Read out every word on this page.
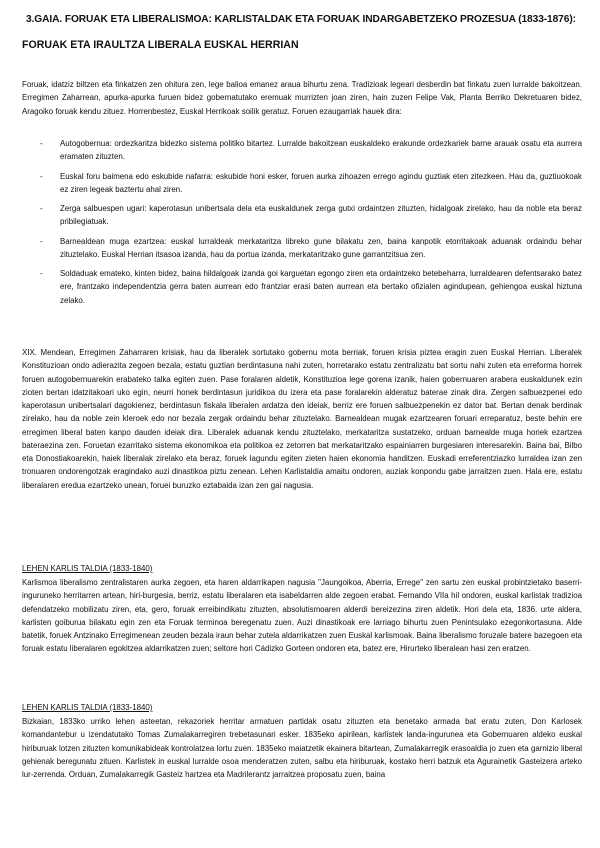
3.GAIA. FORUAK ETA LIBERALISMOA: KARLISTALDAK ETA FORUAK INDARGABETZEKO PROZESUA (1833-1876):
FORUAK ETA IRAULTZA LIBERALA EUSKAL HERRIAN
Foruak, idatziz biltzen eta finkatzen zen ohitura zen, lege balioa emanez araua bihurtu zena. Tradizioak legeari desberdin bat finkatu zuen lurralde bakoitzean. Erregimen Zaharrean, apurka-apurka furuen bidez gobernatutako eremuak murrizten joan ziren, hain zuzen Felipe Vak, Planta Berriko Dekretuaren bidez, Aragoiko foruak kendu zituez. Horrenbestez, Euskal Herrikoak soilik geratuz. Foruen ezaugarriak hauek dira:
- Autogobernua: ordezkaritza bidezko sistema politiko bitartez. Lurralde bakoitzean euskaldeko erakunde ordezkariek barne arauak osatu eta aurrera eramaten zituzten.
- Euskal foru baimena edo eskubide nafarra: eskubide honi esker, foruen aurka zihoazen errego agindu guztiak eten zitezkeen. Hau da, guztiuokoak ez ziren legeak baztertu ahal ziren.
- Zerga salbuespen ugari: kaperotasun unibertsala dela eta euskaldunek zerga gutxi ordaintzen zituzten, hidalgoak zirelako, hau da noble eta beraz pribilegiatuak.
- Barnealdean muga ezartzea: euskal lurraldeak merkataritza libreko gune bilakatu zen, baina kanpotik etorritakoak aduanak ordaindu behar zituztelako. Euskal Herrian itsasoa izanda, hau da portua izanda, merkataritzako gune garrantzitsua zen.
- Soldaduak ematekо, kinten bidez, baina hildalgoak izanda goi karguetan egongo ziren eta ordaintzeko betebeharra, lurraldearen defentsarako batez ere, frantzako independentzia gerra baten aurrean edo frantziar erasi baten aurrean eta bertako ofizialen agindupean, gehiengoa euskal hiztuna zelako.
XIX. Mendean, Erregimen Zaharraren krisiak, hau da liberalek sortutako gobernu mota berriak, foruen krisia piztea eragin zuen Euskal Herrian. Liberalek Konstituzioan ondo adierazita zegoen bezala, estatu guztian berdintasuna nahi zuten, horretarako estatu zentralizatu bat sortu nahi zuten eta erreforma horrek foruen autogobernuarekin erabateko talka egiten zuen. Pase foralaren aldetik, Konstituzioa lege gorena izanik, haien gobernuaren arabera euskaldunek ezin zioten bertan idatzitakoari uko egin, neurri honek berdintasun juridikoa du izera eta pase foralarekin alderatuz baterae zinak dira. Zergen salbuezpenei edo kaperotasun unibertsalari dagokienez, berdintasun fiskala liberalen ardatza den ideiak, berriz ere foruen salbuezpenekin ez dator bat. Bertan denak berdinak zirelako, hau da noble zein kleroek edo nor bezala zergak ordaindu behar zituztelako. Barnealdean mugak ezartzearen foruari erreparatuz, beste behin ere erregimen liberal baten kanpo dauden ideiak dira. Liberalek aduanak kendu zituztelako, merkataritza sustatzeko, orduan barnealde muga horiek ezartzea bateraezina zen. Foruetan ezarritako sistema ekonomikoa eta politikoa ez zetorren bat merkataritzako espainiarren burgesiaren interesarekin. Baina bai, Bilbo eta Donostiakoarekin, haiek liberalak zirelako eta beraz, foruek lagundu egiten zieten haien ekonomia handitzen. Euskadi erreferentziazko lurraldea izan zen tronuaren ondorengotzak eragindako auzi dinastikoa piztu zenean. Lehen Karlistaldia amaitu ondoren, auziak konpondu gabe jarraitzen zuen. Hala ere, estatu liberalaren eredua ezartzeko unean, foruei buruzko eztabaida izan zen gai nagusia.
LEHEN KARLIS TALDIA (1833-1840)
Karlismoa liberalismo zentralistaren aurka zegoen, eta haren aldarrikapen nagusia "Jaungoikoa, Aberria, Errege" zen sartu zen euskal probintzietako baserri-inguruneko herritarren artean, hiri-burgesia, berriz, estatu liberalaren eta isabeldarren alde zegoen erabat. Fernando VIIa hil ondoren, euskal karlistak tradizioa defendatzeko mobilizatu ziren, eta, gero, foruak erreibindikatu zituzten, absolutismoaren alderdi bereizezina ziren aldetik. Hori dela eta, 1836. urte aldera, karlisten goiburua bilakatu egin zen eta Foruak terminoa beregenatu zuen. Auzi dinastikoak ere larriago bihurtu zuen Penintsulako ezegonkortasuna. Alde batetik, foruek Antzinako Erregimenean zeuden bezala iraun behar zutela aldarrikatzen zuen Euskal karlismoak. Baina liberalismo foruzale batere bazegoen eta foruak estatu liberalaren egokitzea aldarrikatzen zuen; seltore hori Cádizko Gorteen ondoren eta, batez ere, Hirurteko liberalean hasi zen eratzen.
LEHEN KARLIS TALDIA (1833-1840)
Bizkaian, 1833ko urriko lehen asteetan, rekazoriek herritar armatuen partidak osatu zituzten eta benetako armada bat eratu zuten, Don Karlosek komandantebur u izendatutako Tomas Zumalakarregiren trebetasunari esker. 1835eko apirilean, karlistek landa-ingurunea eta Gobernuaren aldeko euskal hiriburuak lotzen zituzten komunikabideak kontrolatzea lortu zuen. 1835eko maiatzetik ekainera bitartean, Zumalakarregik erasoaldia jo zuen eta garnizio liberal gehienak beregunatu zituen. Karlistek in euskal lurralde osoa menderatzen zuten, salbu eta hiriburuak, kostako herri batzuk eta Agurainetik Gasteizera arteko lur-zerrenda. Orduan, Zumalakarregik Gasteiz hartzea eta Madrilerantz jarraitzea proposatu zuen, baina
